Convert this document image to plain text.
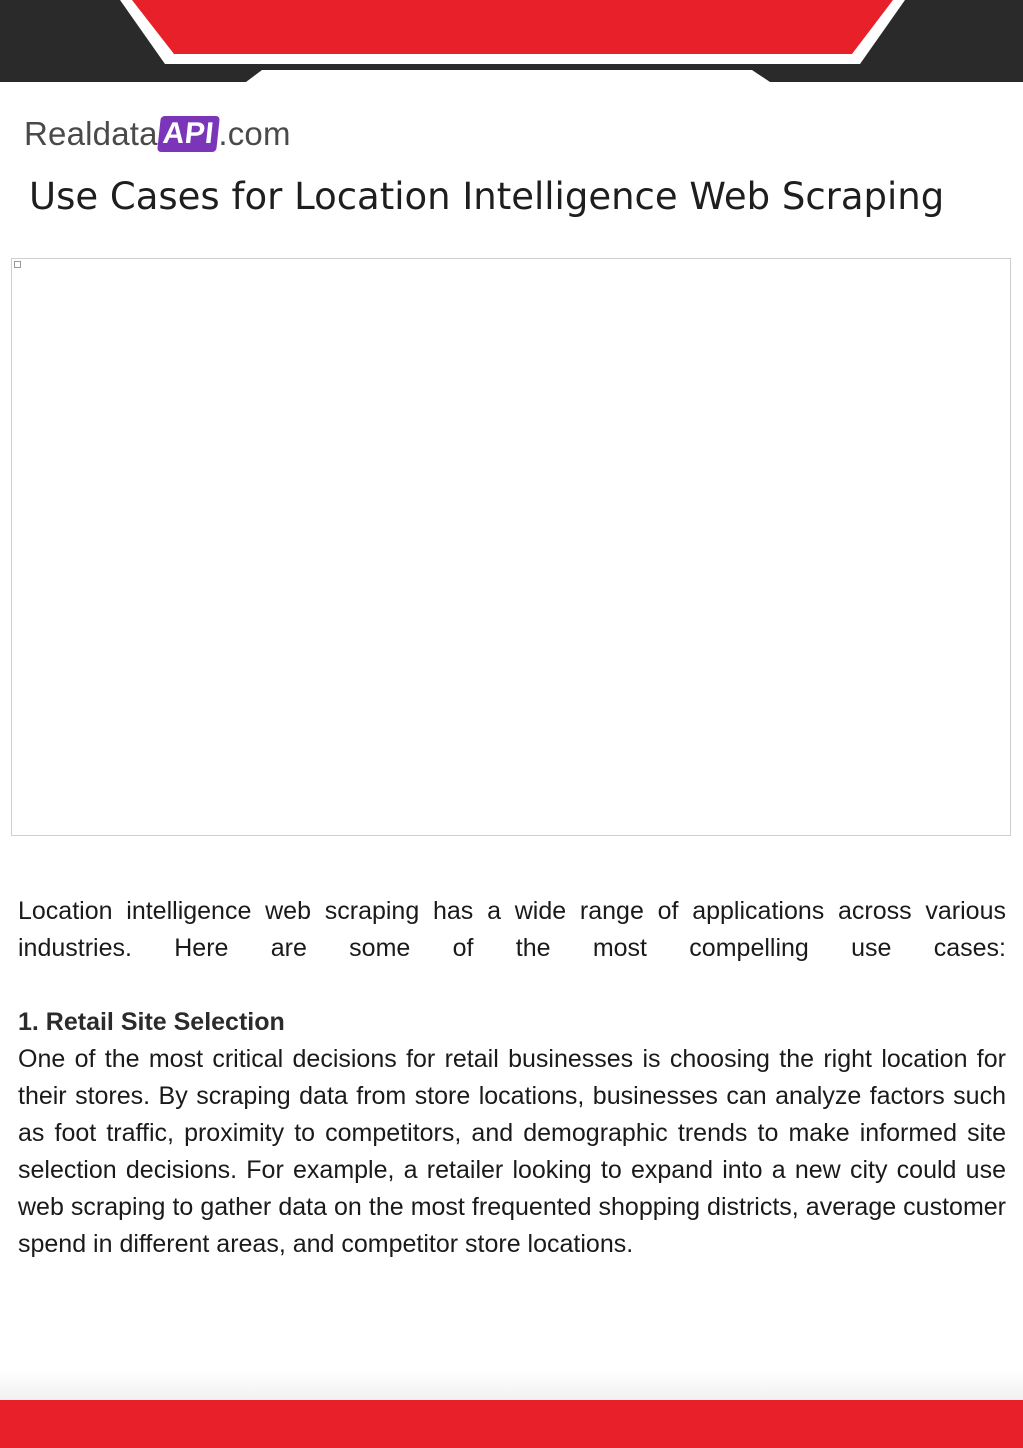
Realdata API .com
Use Cases for Location Intelligence Web Scraping

Location intelligence web scraping has a wide range of applications across various industries. Here are some of the most compelling use cases:

1. Retail Site Selection

One of the most critical decisions for retail businesses is choosing the right location for their stores. By scraping data from store locations, businesses can analyze factors such as foot traffic, proximity to competitors, and demographic trends to make informed site selection decisions. For example, a retailer looking to expand into a new city could use web scraping to gather data on the most frequented shopping districts, average customer spend in different areas, and competitor store locations.
